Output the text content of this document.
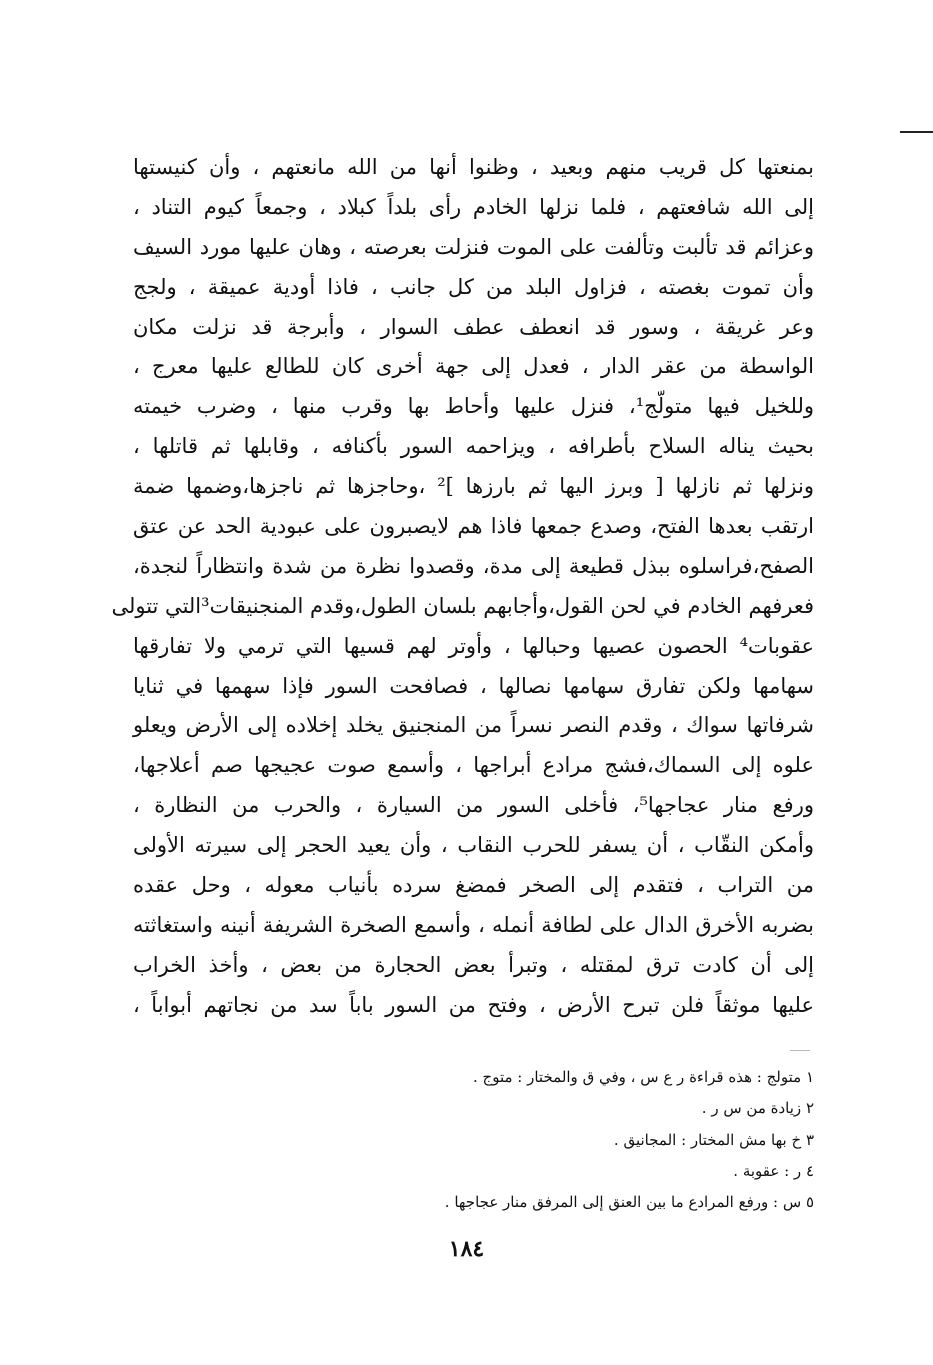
بمنعتها كل قريب منهم وبعيد ، وظنوا أنها من الله مانعتهم ، وأن كنيستها
إلى الله شافعتهم ، فلما نزلها الخادم رأى بلداً كبلاد ، وجمعاً كيوم التناد ،
وعزائم قد تألبت وتألفت على الموت فنزلت بعرصته ، وهان عليها مورد السيف
وأن تموت بغصته ، فزاول البلد من كل جانب ، فاذا أودية عميقة ، ولجج
وعر غريقة ، وسور قد انعطف عطف السوار ، وأبرجة قد نزلت مكان
الواسطة من عقر الدار ، فعدل إلى جهة أخرى كان للطالع عليها معرج ،
وللخيل فيها متولّج¹، فنزل عليها وأحاط بها وقرب منها ، وضرب خيمته
بحيث يناله السلاح بأطرافه ، ويزاحمه السور بأكنافه ، وقابلها ثم قاتلها ،
ونزلها ثم نازلها [ وبرز اليها ثم بارزها ]² ،وحاجزها ثم ناجزها،وضمها ضمة
ارتقب بعدها الفتح، وصدع جمعها فاذا هم لايصبرون على عبودية الحد عن عتق
الصفح،فراسلوه ببذل قطيعة إلى مدة، وقصدوا نظرة من شدة وانتظاراً لنجدة،
فعرفهم الخادم في لحن القول،وأجابهم بلسان الطول،وقدم المنجنيقات³التي تتولى
عقوبات⁴ الحصون عصيها وحبالها ، وأوتر لهم قسيها التي ترمي ولا تفارقها
سهامها ولكن تفارق سهامها نصالها ، فصافحت السور فإذا سهمها في ثنايا
شرفاتها سواك ، وقدم النصر نسراً من المنجنيق يخلد إخلاده إلى الأرض ويعلو
علوه إلى السماك،فشج مرادع أبراجها ، وأسمع صوت عجيجها صم أعلاجها،
ورفع منار عجاجها⁵، فأخلى السور من السيارة ، والحرب من النظارة ،
وأمكن النقّاب ، أن يسفر للحرب النقاب ، وأن يعيد الحجر إلى سيرته الأولى
من التراب ، فتقدم إلى الصخر فمضغ سرده بأنياب معوله ، وحل عقده
بضربه الأخرق الدال على لطافة أنمله ، وأسمع الصخرة الشريفة أنينه واستغاثته
إلى أن كادت ترق لمقتله ، وتبرأ بعض الحجارة من بعض ، وأخذ الخراب
عليها موثقاً فلن تبرح الأرض ، وفتح من السور باباً سد من نجاتهم أبواباً ،
١ متولج : هذه قراءة ر ع س ، وفي ق والمختار : متوج .
٢ زيادة من س ر .
٣ خ بها مش المختار : المجانيق .
٤ ر : عقوبة .
٥ س : ورفع المرادع ما بين العنق إلى المرفق منار عجاجها .
١٨٤
